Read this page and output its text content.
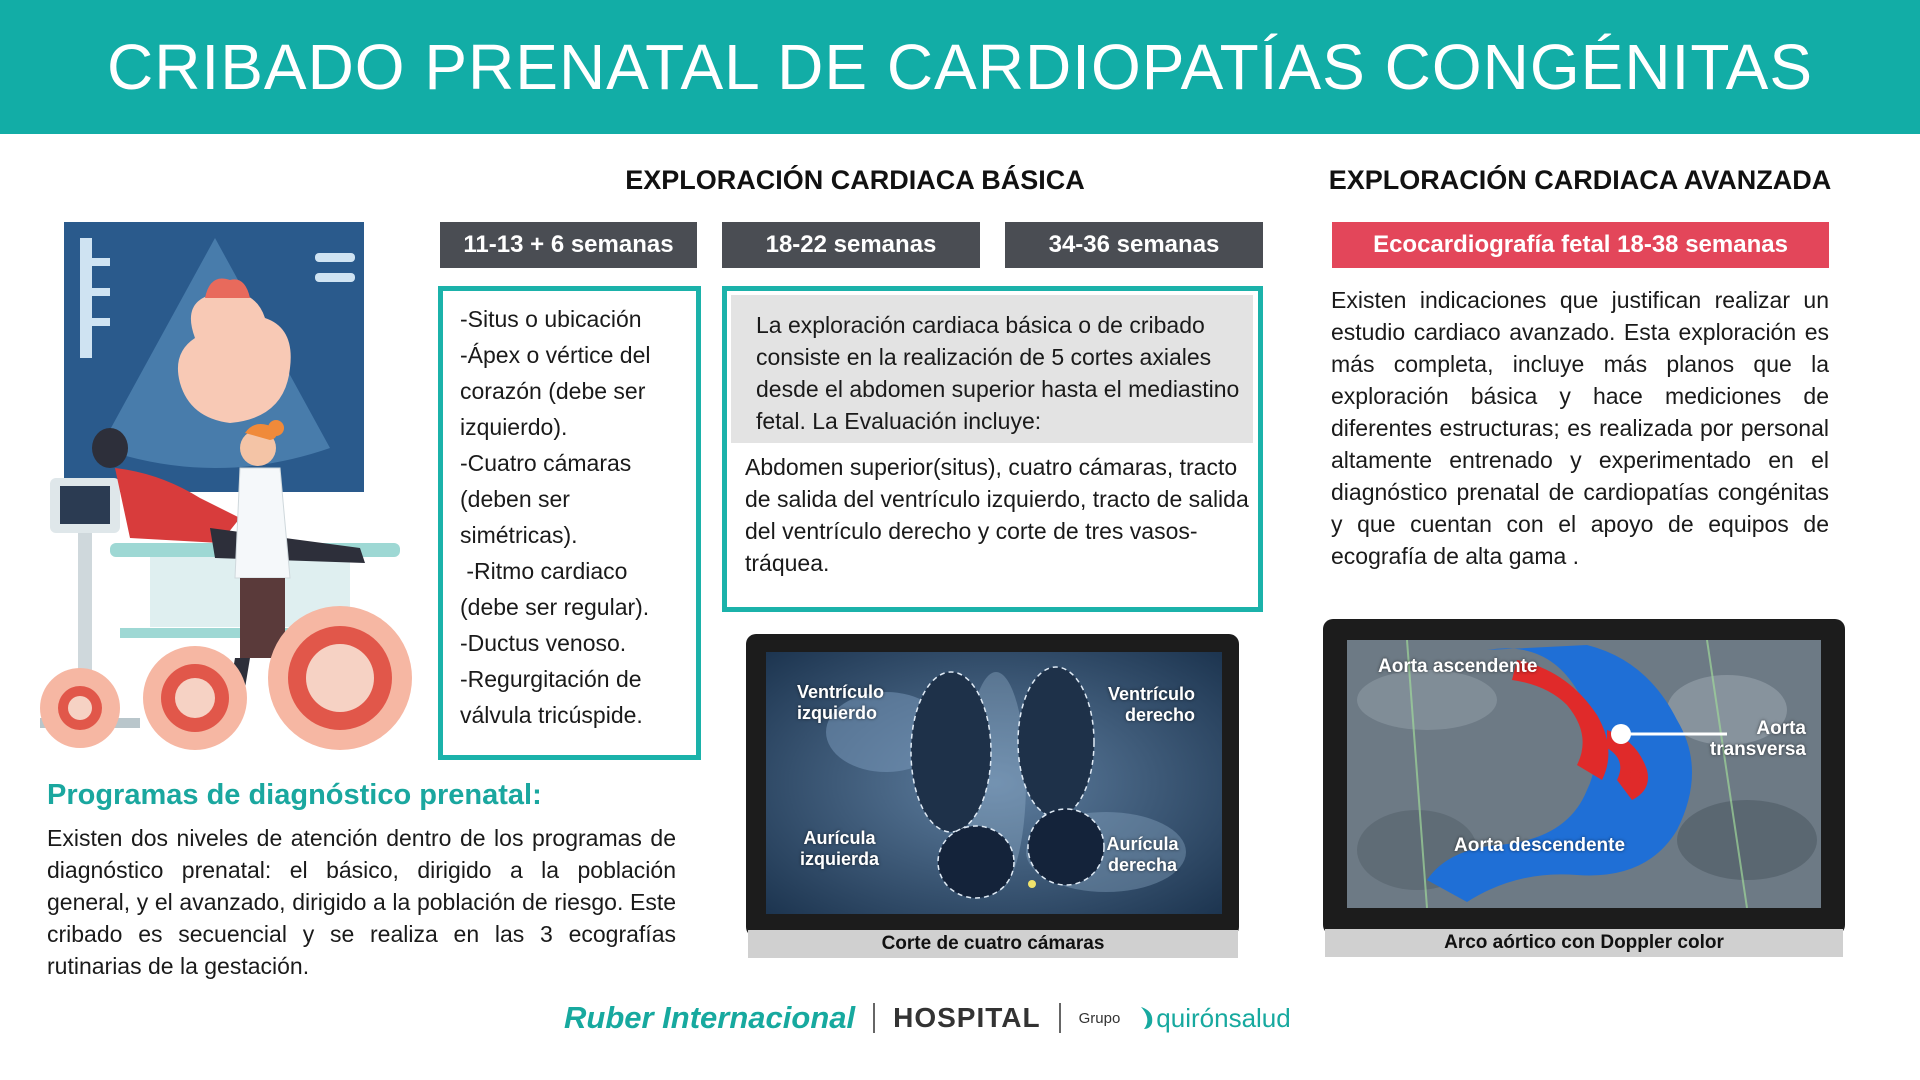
CRIBADO PRENATAL DE CARDIOPATÍAS CONGÉNITAS
EXPLORACIÓN CARDIACA BÁSICA
11-13 + 6 semanas	18-22 semanas	34-36 semanas
-Situs o ubicación
-Ápex o vértice del
corazón (debe ser
izquierdo).
-Cuatro cámaras
(deben ser
simétricas).
-Ritmo cardiaco
(debe ser regular).
-Ductus venoso.
-Regurgitación de
válvula tricúspide.
La exploración cardiaca básica o de cribado consiste en la realización de 5 cortes axiales desde el abdomen superior hasta el mediastino fetal. La Evaluación incluye:
Abdomen superior(situs), cuatro cámaras, tracto de salida del ventrículo izquierdo, tracto de salida del ventrículo derecho y corte de tres vasos-tráquea.
Ventrículo
izquierdo
Ventrículo
derecho
Aurícula
izquierda
Aurícula
derecha
Corte de cuatro cámaras
EXPLORACIÓN CARDIACA AVANZADA
Ecocardiografía fetal 18-38 semanas
Existen indicaciones que justifican realizar un estudio cardiaco avanzado. Esta exploración es más completa, incluye más planos que la exploración básica y hace mediciones de diferentes estructuras; es realizada por personal altamente entrenado y experimentado en el diagnóstico prenatal de cardiopatías congénitas y que cuentan con el apoyo de equipos de ecografía de alta gama .
Aorta ascendente
Aorta
transversa
Aorta descendente
Arco aórtico con Doppler color
Programas de diagnóstico prenatal:
Existen dos niveles de atención dentro de los programas de diagnóstico prenatal: el básico, dirigido a la población general, y el avanzado, dirigido a la población de riesgo. Este cribado es secuencial y se realiza en las 3 ecografías rutinarias de la gestación.
Ruber Internacional HOSPITAL	Grupo quirónsalud
